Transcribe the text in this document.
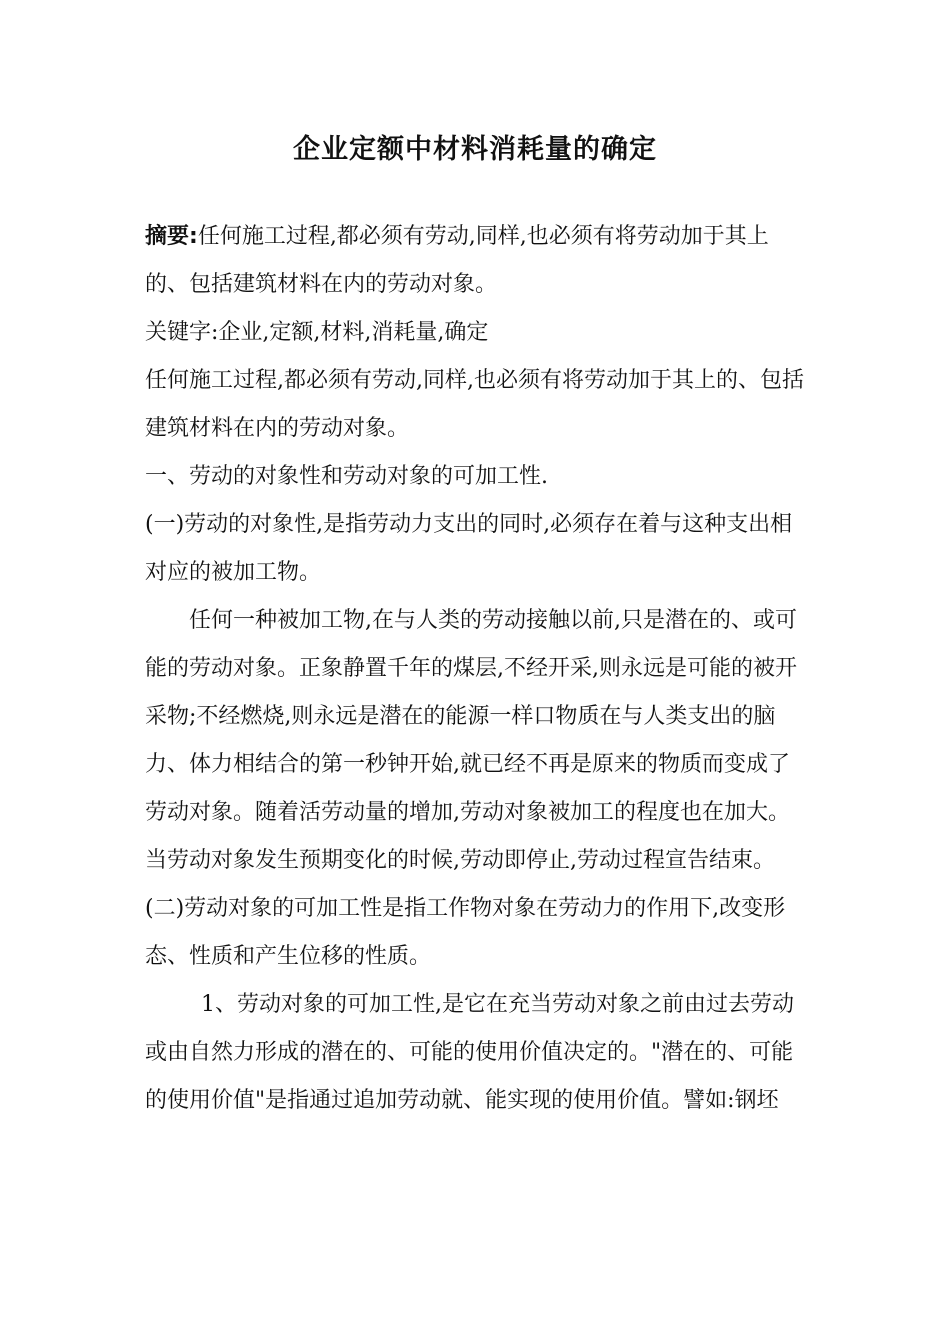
企业定额中材料消耗量的确定

摘要:任何施工过程,都必须有劳动,同样,也必须有将劳动加于其上的、包括建筑材料在内的劳动对象。

关键字:企业,定额,材料,消耗量,确定

任何施工过程,都必须有劳动,同样,也必须有将劳动加于其上的、包括建筑材料在内的劳动对象。

一、劳动的对象性和劳动对象的可加工性.

(一)劳动的对象性,是指劳动力支出的同时,必须存在着与这种支出相对应的被加工物。

任何一种被加工物,在与人类的劳动接触以前,只是潜在的、或可能的劳动对象。正象静置千年的煤层,不经开采,则永远是可能的被开采物;不经燃烧,则永远是潜在的能源一样口物质在与人类支出的脑力、体力相结合的第一秒钟开始,就已经不再是原来的物质而变成了劳动对象。随着活劳动量的增加,劳动对象被加工的程度也在加大。当劳动对象发生预期变化的时候,劳动即停止,劳动过程宣告结束。

(二)劳动对象的可加工性是指工作物对象在劳动力的作用下,改变形态、性质和产生位移的性质。

1、劳动对象的可加工性,是它在充当劳动对象之前由过去劳动或由自然力形成的潜在的、可能的使用价值决定的。"潜在的、可能的使用价值"是指通过追加劳动就、能实现的使用价值。譬如:钢坯
